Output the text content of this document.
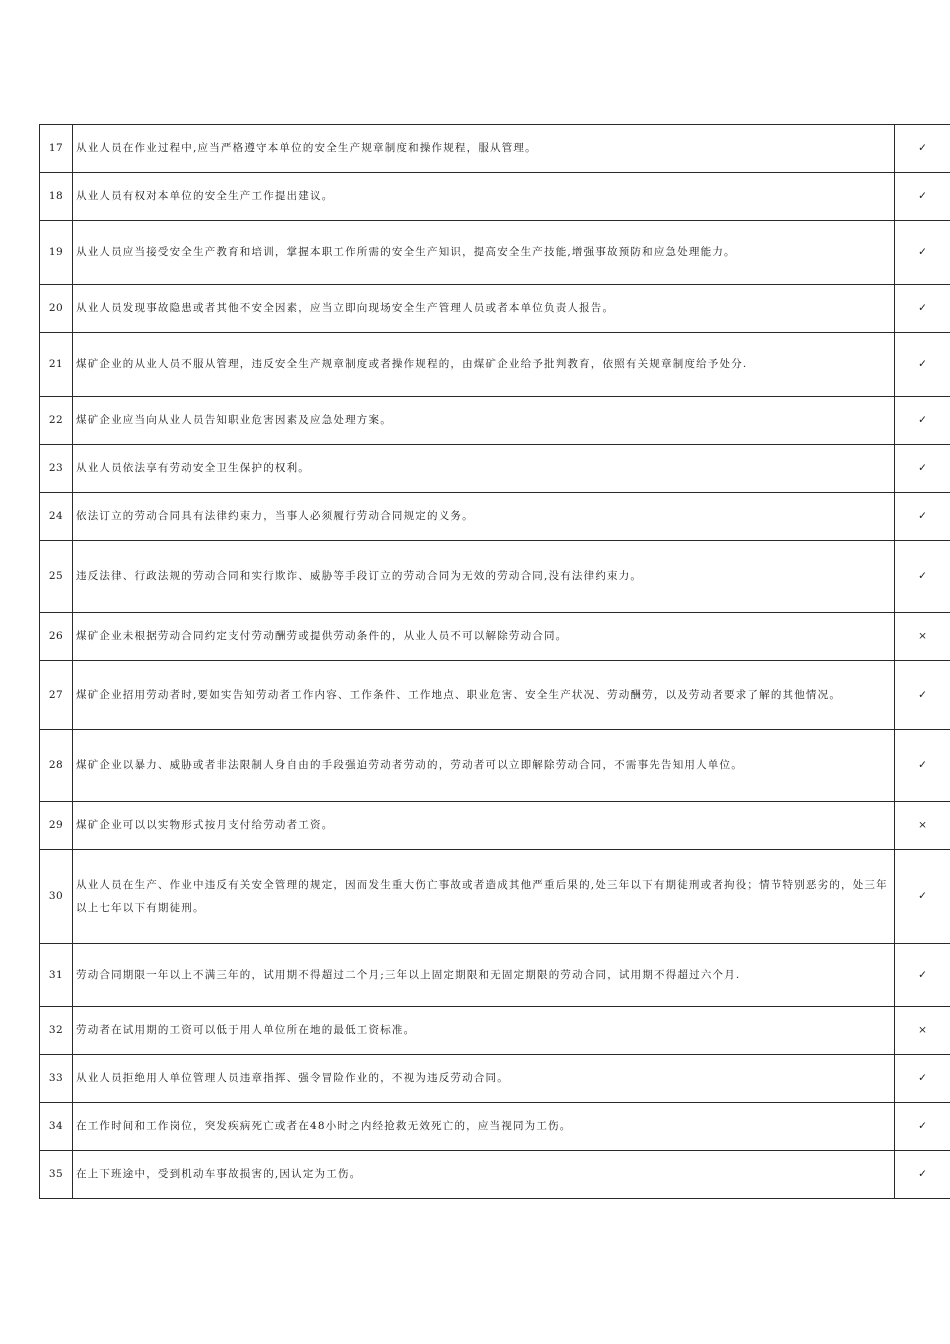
17	从业人员在作业过程中,应当严格遵守本单位的安全生产规章制度和操作规程，服从管理。	✓
18	从业人员有权对本单位的安全生产工作提出建议。	✓
19	从业人员应当接受安全生产教育和培训，掌握本职工作所需的安全生产知识，提高安全生产技能,增强事故预防和应急处理能力。	✓
20	从业人员发现事故隐患或者其他不安全因素，应当立即向现场安全生产管理人员或者本单位负责人报告。	✓
21	煤矿企业的从业人员不服从管理，违反安全生产规章制度或者操作规程的，由煤矿企业给予批判教育，依照有关规章制度给予处分.	✓
22	煤矿企业应当向从业人员告知职业危害因素及应急处理方案。	✓
23	从业人员依法享有劳动安全卫生保护的权利。	✓
24	依法订立的劳动合同具有法律约束力，当事人必须履行劳动合同规定的义务。	✓
25	违反法律、行政法规的劳动合同和实行欺诈、威胁等手段订立的劳动合同为无效的劳动合同,没有法律约束力。	✓
26	煤矿企业未根据劳动合同约定支付劳动酬劳或提供劳动条件的，从业人员不可以解除劳动合同。	×
27	煤矿企业招用劳动者时,要如实告知劳动者工作内容、工作条件、工作地点、职业危害、安全生产状况、劳动酬劳，以及劳动者要求了解的其他情况。	✓
28	煤矿企业以暴力、威胁或者非法限制人身自由的手段强迫劳动者劳动的，劳动者可以立即解除劳动合同，不需事先告知用人单位。	✓
29	煤矿企业可以以实物形式按月支付给劳动者工资。	×
30	从业人员在生产、作业中违反有关安全管理的规定，因而发生重大伤亡事故或者造成其他严重后果的,处三年以下有期徒刑或者拘役；情节特别恶劣的，处三年以上七年以下有期徒刑。	✓
31	劳动合同期限一年以上不满三年的，试用期不得超过二个月;三年以上固定期限和无固定期限的劳动合同，试用期不得超过六个月.	✓
32	劳动者在试用期的工资可以低于用人单位所在地的最低工资标准。	×
33	从业人员拒绝用人单位管理人员违章指挥、强令冒险作业的，不视为违反劳动合同。	✓
34	在工作时间和工作岗位，突发疾病死亡或者在48小时之内经抢救无效死亡的，应当视同为工伤。	✓
35	在上下班途中，受到机动车事故损害的,因认定为工伤。	✓
